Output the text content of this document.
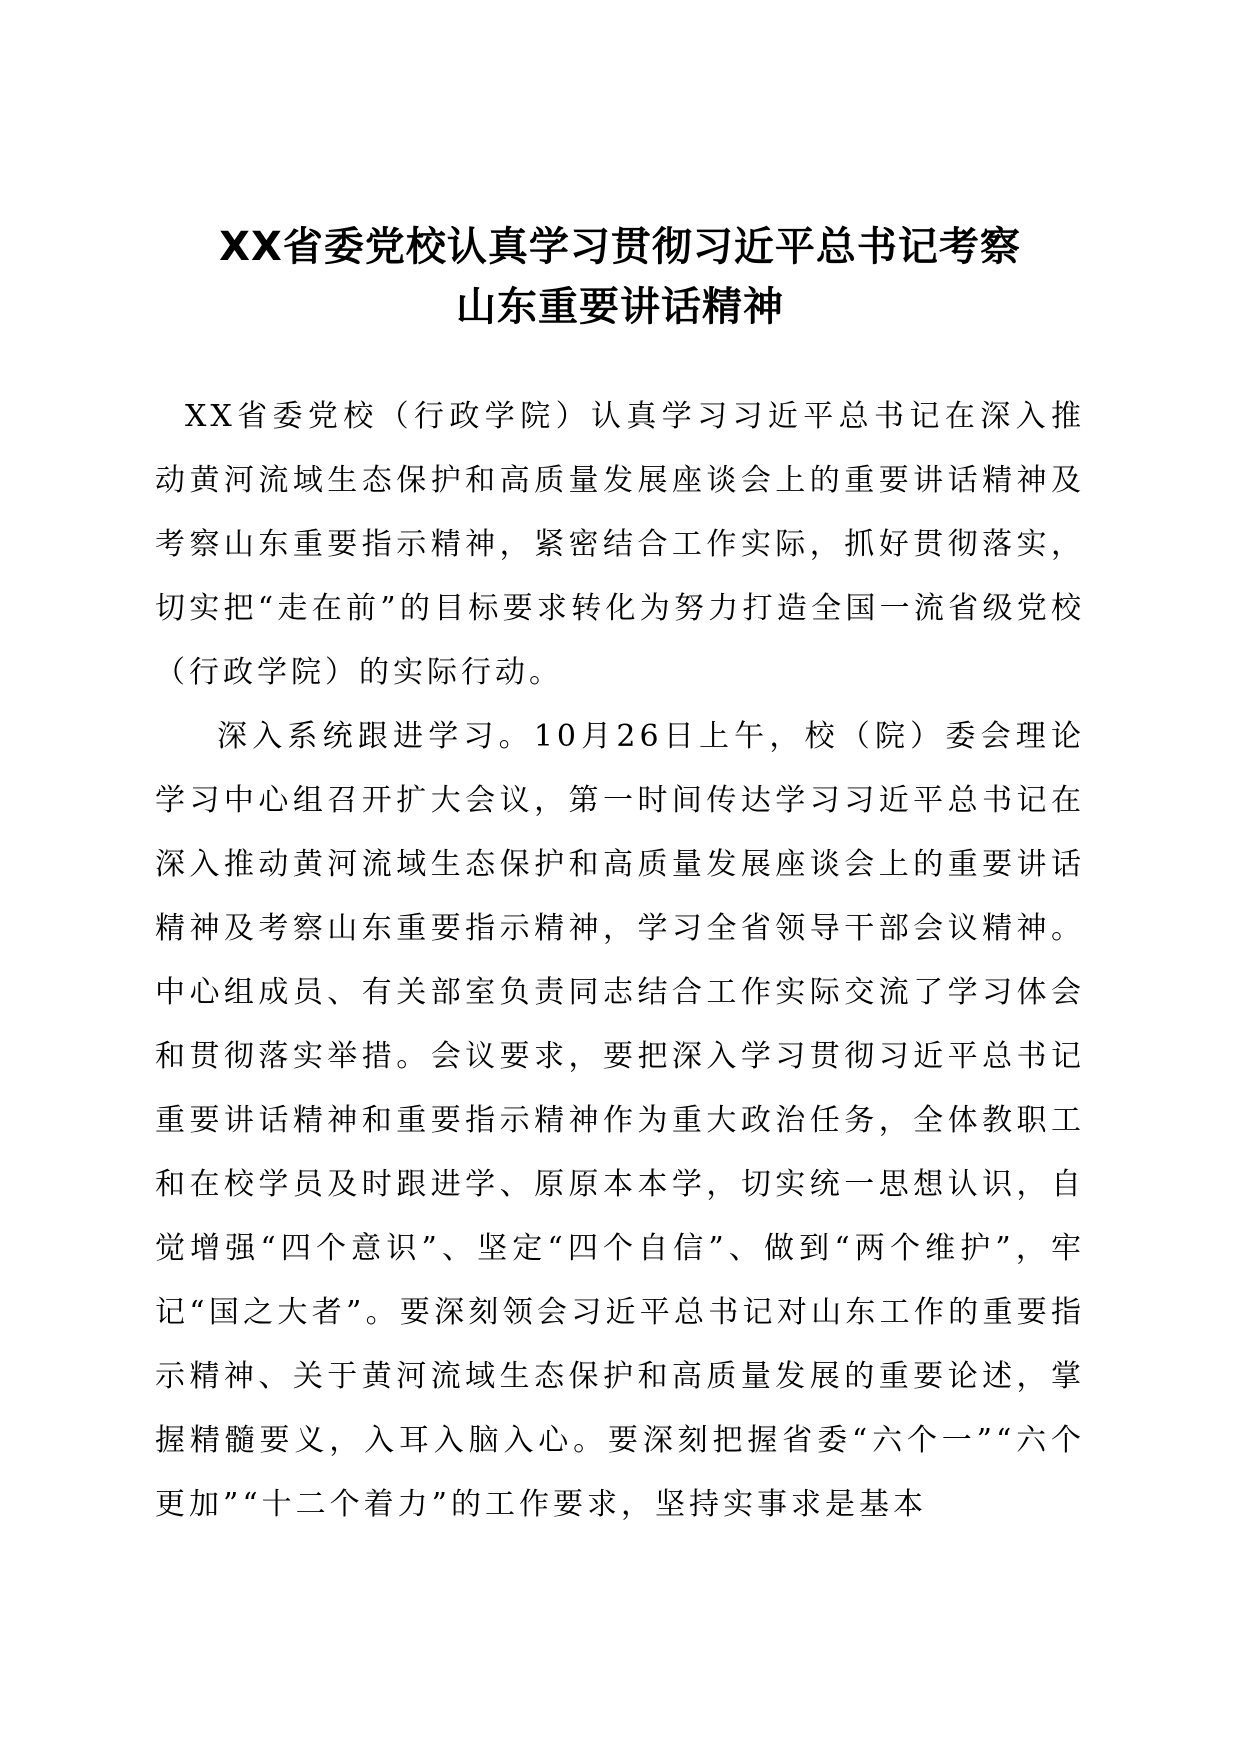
XX省委党校认真学习贯彻习近平总书记考察
山东重要讲话精神

XX省委党校（行政学院）认真学习习近平总书记在深入推动黄河流域生态保护和高质量发展座谈会上的重要讲话精神及考察山东重要指示精神，紧密结合工作实际，抓好贯彻落实，切实把“走在前”的目标要求转化为努力打造全国一流省级党校（行政学院）的实际行动。

深入系统跟进学习。10月26日上午，校（院）委会理论学习中心组召开扩大会议，第一时间传达学习习近平总书记在深入推动黄河流域生态保护和高质量发展座谈会上的重要讲话精神及考察山东重要指示精神，学习全省领导干部会议精神。中心组成员、有关部室负责同志结合工作实际交流了学习体会和贯彻落实举措。会议要求，要把深入学习贯彻习近平总书记重要讲话精神和重要指示精神作为重大政治任务，全体教职工和在校学员及时跟进学、原原本本学，切实统一思想认识，自觉增强“四个意识”、坚定“四个自信”、做到“两个维护”，牢记“国之大者”。要深刻领会习近平总书记对山东工作的重要指示精神、关于黄河流域生态保护和高质量发展的重要论述，掌握精髓要义，入耳入脑入心。要深刻把握省委“六个一”“六个更加”“十二个着力”的工作要求，坚持实事求是基本
